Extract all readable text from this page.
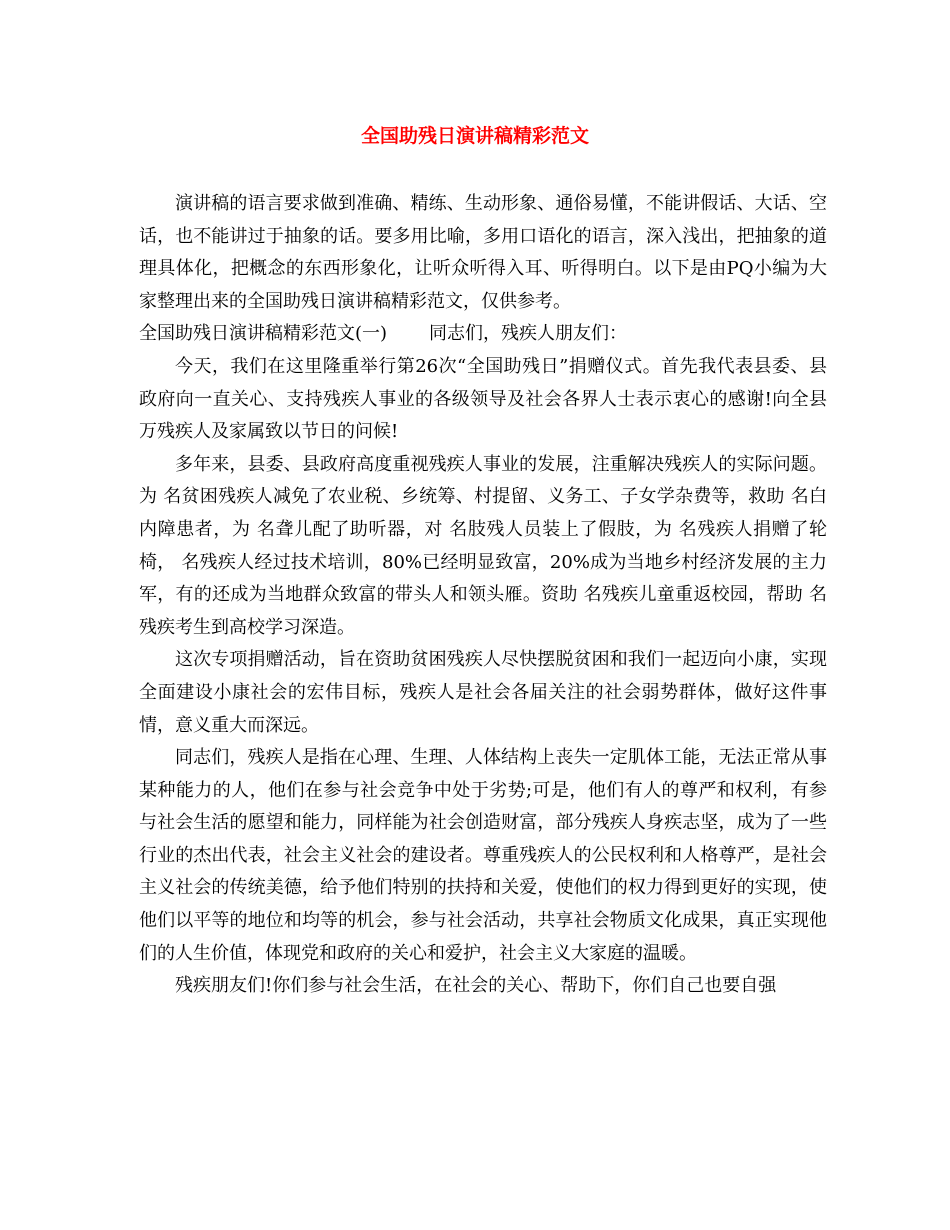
全国助残日演讲稿精彩范文

演讲稿的语言要求做到准确、精练、生动形象、通俗易懂，不能讲假话、大话、空话，也不能讲过于抽象的话。要多用比喻，多用口语化的语言，深入浅出，把抽象的道理具体化，把概念的东西形象化，让听众听得入耳、听得明白。以下是由PQ小编为大家整理出来的全国助残日演讲稿精彩范文，仅供参考。

全国助残日演讲稿精彩范文(一) 同志们，残疾人朋友们：

今天，我们在这里隆重举行第26次“全国助残日”捐赠仪式。首先我代表县委、县政府向一直关心、支持残疾人事业的各级领导及社会各界人士表示衷心的感谢!向全县 万残疾人及家属致以节日的问候!

多年来，县委、县政府高度重视残疾人事业的发展，注重解决残疾人的实际问题。为 名贫困残疾人减免了农业税、乡统筹、村提留、义务工、子女学杂费等，救助 名白内障患者，为 名聋儿配了助听器，对 名肢残人员装上了假肢，为 名残疾人捐赠了轮椅， 名残疾人经过技术培训，80%已经明显致富，20%成为当地乡村经济发展的主力军，有的还成为当地群众致富的带头人和领头雁。资助 名残疾儿童重返校园，帮助 名残疾考生到高校学习深造。

这次专项捐赠活动，旨在资助贫困残疾人尽快摆脱贫困和我们一起迈向小康，实现全面建设小康社会的宏伟目标，残疾人是社会各届关注的社会弱势群体，做好这件事情，意义重大而深远。

同志们，残疾人是指在心理、生理、人体结构上丧失一定肌体工能，无法正常从事某种能力的人，他们在参与社会竞争中处于劣势;可是，他们有人的尊严和权利，有参与社会生活的愿望和能力，同样能为社会创造财富，部分残疾人身疾志坚，成为了一些行业的杰出代表，社会主义社会的建设者。尊重残疾人的公民权利和人格尊严，是社会主义社会的传统美德，给予他们特别的扶持和关爱，使他们的权力得到更好的实现，使他们以平等的地位和均等的机会，参与社会活动，共享社会物质文化成果，真正实现他们的人生价值，体现党和政府的关心和爱护，社会主义大家庭的温暖。

残疾朋友们!你们参与社会生活，在社会的关心、帮助下，你们自己也要自强
